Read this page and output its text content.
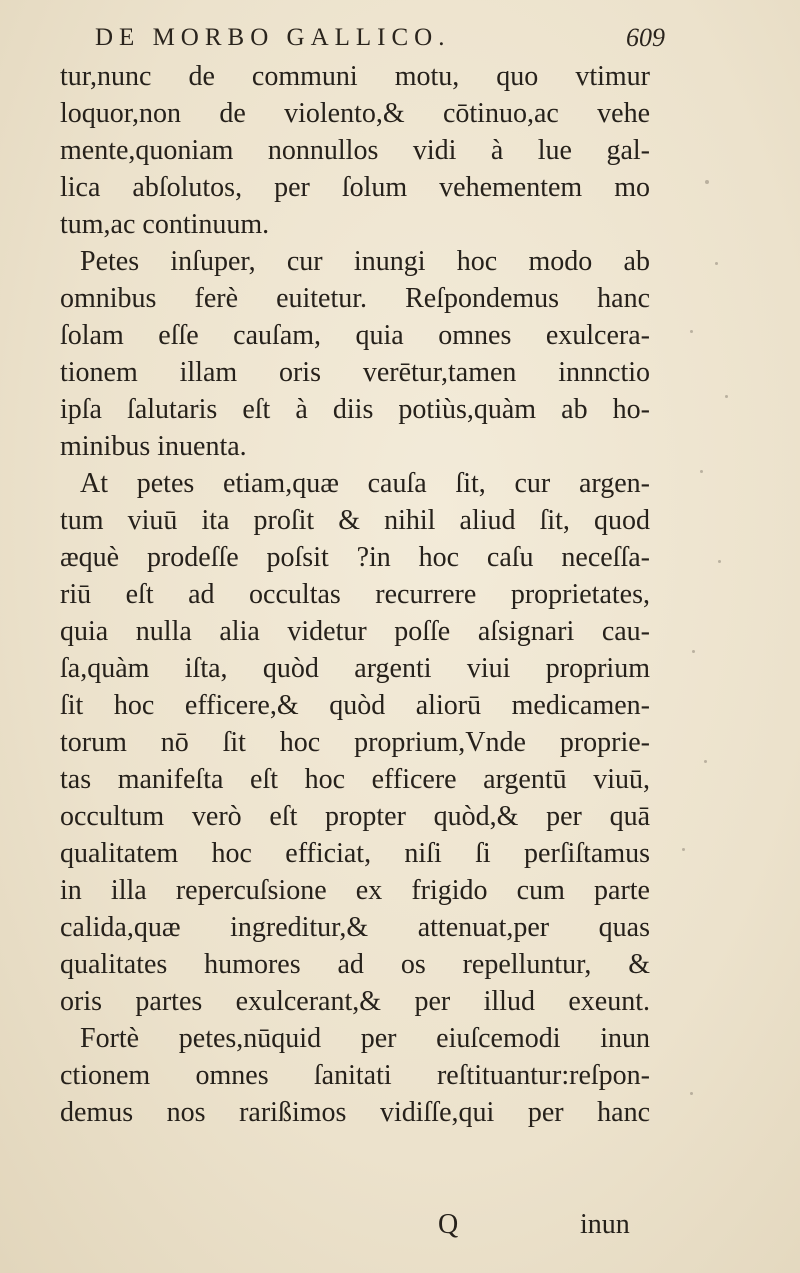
DE MORBO GALLICO.	609
tur,nunc de communi motu, quo vtimur
loquor,non de violento,& cōtinuo,ac vehe
mente,quoniam nonnullos vidi à lue gal-
lica abſolutos, per ſolum vehementem mo
tum,ac continuum.
Petes inſuper, cur inungi hoc modo ab
omnibus ferè euitetur. Reſpondemus hanc
ſolam eſſe cauſam, quia omnes exulcera-
tionem illam oris verētur,tamen innnctio
ipſa ſalutaris eſt à diis potiùs,quàm ab ho-
minibus inuenta.
At petes etiam,quæ cauſa ſit, cur argen-
tum viuū ita proſit & nihil aliud ſit, quod
æquè prodeſſe poſsit ?in hoc caſu neceſſa-
riū eſt ad occultas recurrere proprietates,
quia nulla alia videtur poſſe aſsignari cau-
ſa,quàm iſta, quòd argenti viui proprium
ſit hoc efficere,& quòd aliorū medicamen-
torum nō ſit hoc proprium,Vnde proprie-
tas manifeſta eſt hoc efficere argentū viuū,
occultum verò eſt propter quòd,& per quā
qualitatem hoc efficiat, niſi ſi perſiſtamus
in illa repercuſsione ex frigido cum parte
calida,quæ ingreditur,& attenuat,per quas
qualitates humores ad os repelluntur, &
oris partes exulcerant,& per illud exeunt.
Fortè petes,nūquid per eiuſcemodi inun
ctionem omnes ſanitati reſtituantur:reſpon-
demus nos rarißimos vidiſſe,qui per hanc
Q	inun
